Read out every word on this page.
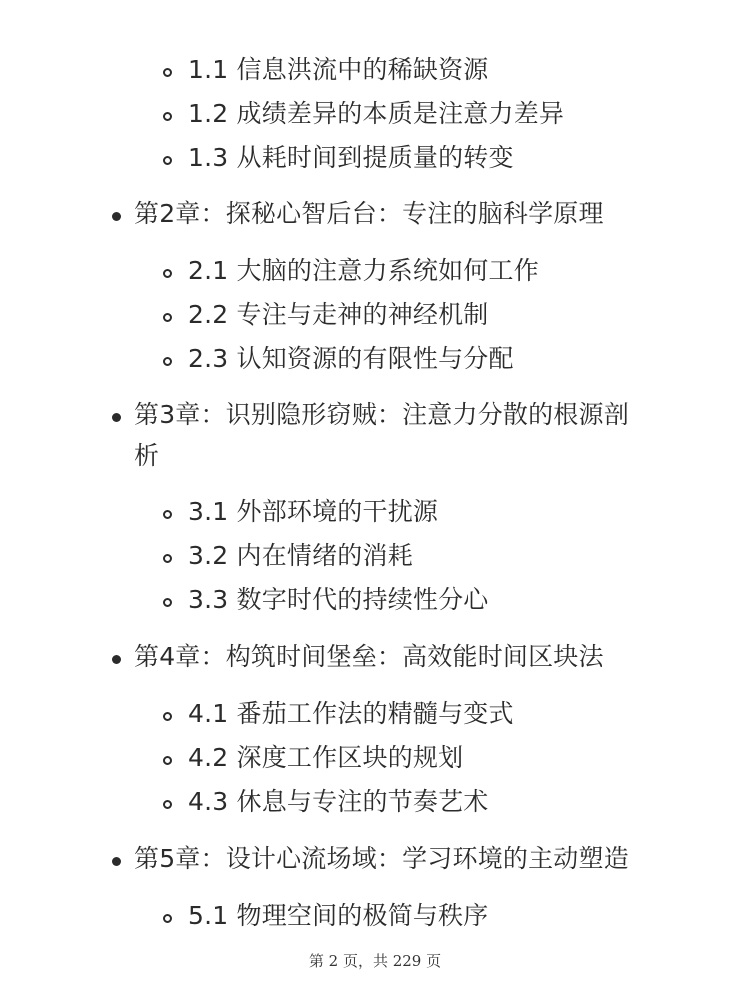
1.1 信息洪流中的稀缺资源
1.2 成绩差异的本质是注意力差异
1.3 从耗时间到提质量的转变
第2章：探秘心智后台：专注的脑科学原理
2.1 大脑的注意力系统如何工作
2.2 专注与走神的神经机制
2.3 认知资源的有限性与分配
第3章：识别隐形窃贼：注意力分散的根源剖
析
3.1 外部环境的干扰源
3.2 内在情绪的消耗
3.3 数字时代的持续性分心
第4章：构筑时间堡垒：高效能时间区块法
4.1 番茄工作法的精髓与变式
4.2 深度工作区块的规划
4.3 休息与专注的节奏艺术
第5章：设计心流场域：学习环境的主动塑造
5.1 物理空间的极简与秩序
第 2 页，共 229 页
